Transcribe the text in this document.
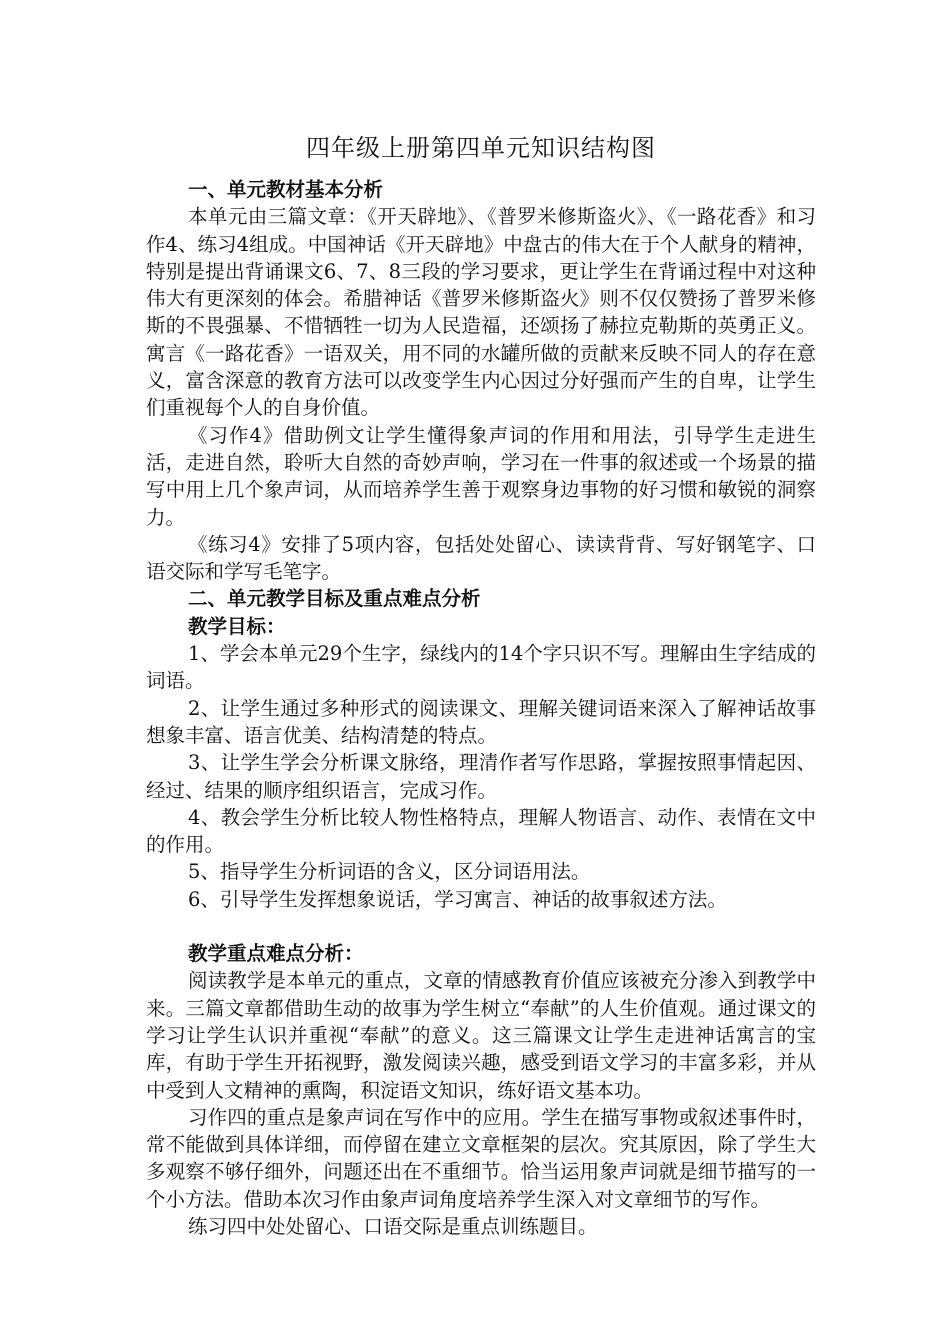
四年级上册第四单元知识结构图
一、单元教材基本分析

本单元由三篇文章：《开天辟地》、《普罗米修斯盗火》、《一路花香》和习作4、练习4组成。中国神话《开天辟地》中盘古的伟大在于个人献身的精神，特别是提出背诵课文6、7、8三段的学习要求，更让学生在背诵过程中对这种伟大有更深刻的体会。希腊神话《普罗米修斯盗火》则不仅仅赞扬了普罗米修斯的不畏强暴、不惜牺牲一切为人民造福，还颂扬了赫拉克勒斯的英勇正义。寓言《一路花香》一语双关，用不同的水罐所做的贡献来反映不同人的存在意义，富含深意的教育方法可以改变学生内心因过分好强而产生的自卑，让学生们重视每个人的自身价值。

《习作4》借助例文让学生懂得象声词的作用和用法，引导学生走进生活，走进自然，聆听大自然的奇妙声响，学习在一件事的叙述或一个场景的描写中用上几个象声词，从而培养学生善于观察身边事物的好习惯和敏锐的洞察力。

《练习4》安排了5项内容，包括处处留心、读读背背、写好钢笔字、口语交际和学写毛笔字。

二、单元教学目标及重点难点分析
教学目标：

1、学会本单元29个生字，绿线内的14个字只识不写。理解由生字结成的词语。

2、让学生通过多种形式的阅读课文、理解关键词语来深入了解神话故事想象丰富、语言优美、结构清楚的特点。

3、让学生学会分析课文脉络，理清作者写作思路，掌握按照事情起因、经过、结果的顺序组织语言，完成习作。

4、教会学生分析比较人物性格特点，理解人物语言、动作、表情在文中的作用。

5、指导学生分析词语的含义，区分词语用法。

6、引导学生发挥想象说话，学习寓言、神话的故事叙述方法。

教学重点难点分析：

阅读教学是本单元的重点，文章的情感教育价值应该被充分渗入到教学中来。三篇文章都借助生动的故事为学生树立“奉献”的人生价值观。通过课文的学习让学生认识并重视“奉献”的意义。这三篇课文让学生走进神话寓言的宝库，有助于学生开拓视野，激发阅读兴趣，感受到语文学习的丰富多彩，并从中受到人文精神的熏陶，积淀语文知识，练好语文基本功。

习作四的重点是象声词在写作中的应用。学生在描写事物或叙述事件时，常不能做到具体详细，而停留在建立文章框架的层次。究其原因，除了学生大多观察不够仔细外，问题还出在不重细节。恰当运用象声词就是细节描写的一个小方法。借助本次习作由象声词角度培养学生深入对文章细节的写作。

练习四中处处留心、口语交际是重点训练题目。
